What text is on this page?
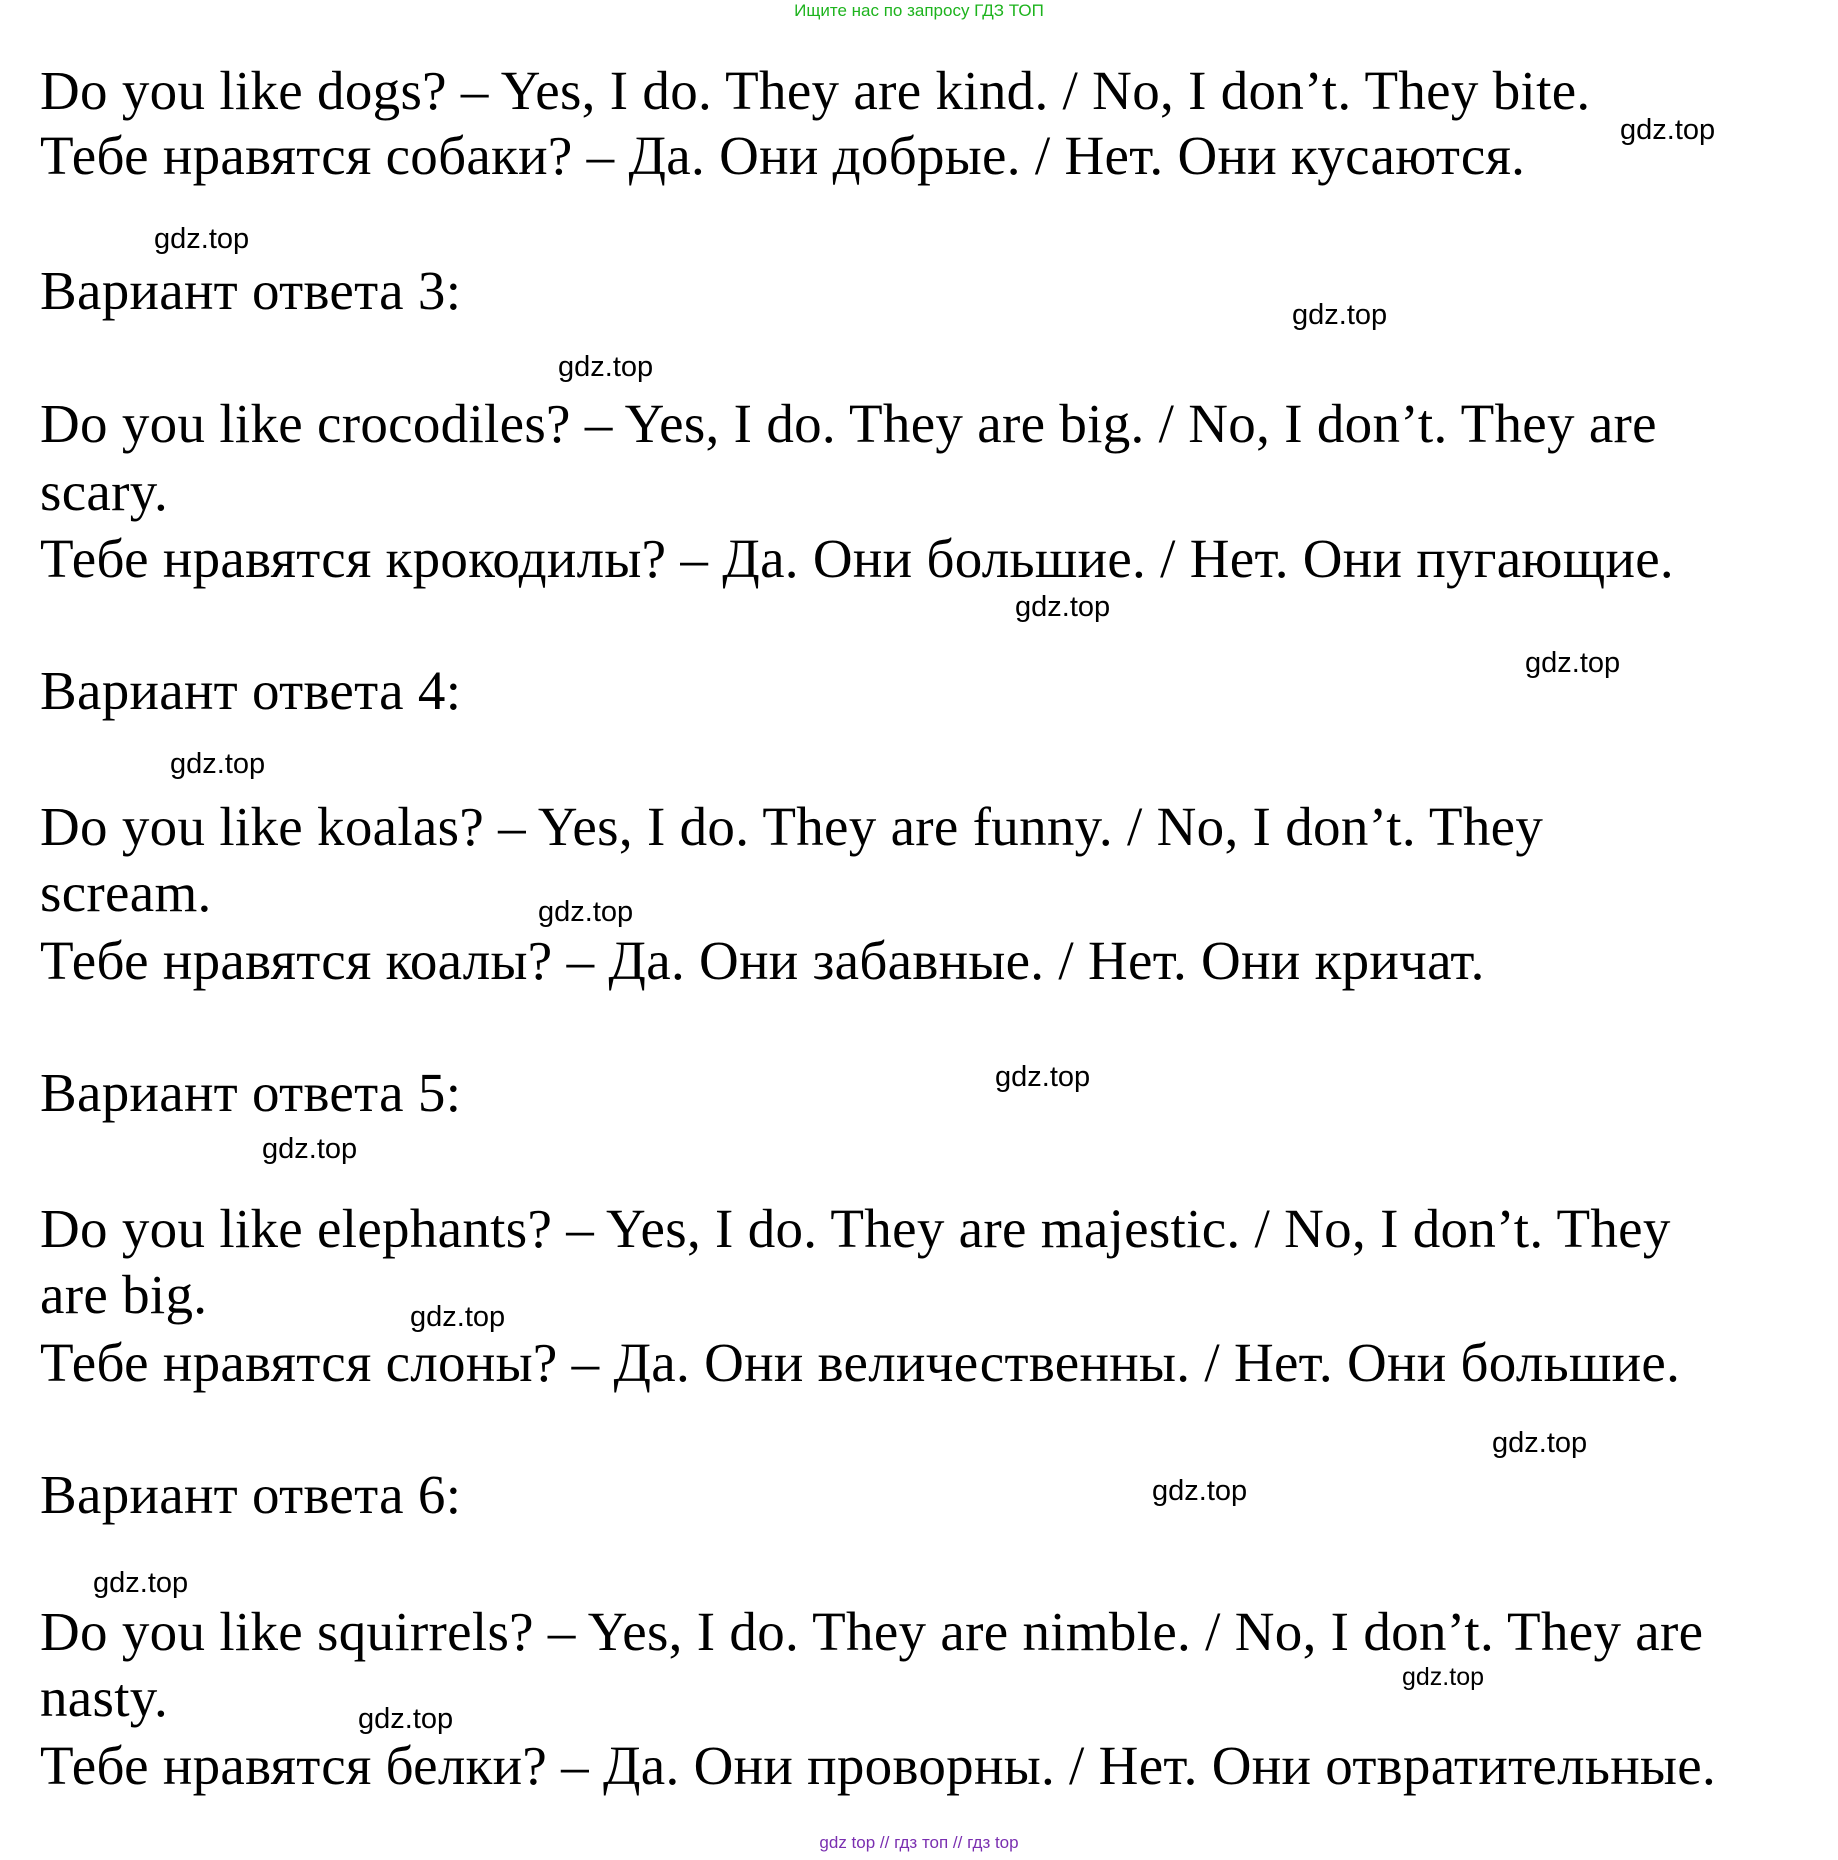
Ищите нас по запросу ГДЗ ТОП
Do you like dogs? – Yes, I do. They are kind. / No, I don’t. They bite.
Тебе нравятся собаки? – Да. Они добрые. / Нет. Они кусаются.
Вариант ответа 3:
Do you like crocodiles? – Yes, I do. They are big. / No, I don’t. They are
scary.
Тебе нравятся крокодилы? – Да. Они большие. / Нет. Они пугающие.
Вариант ответа 4:
Do you like koalas? – Yes, I do. They are funny. / No, I don’t. They
scream.
Тебе нравятся коалы? – Да. Они забавные. / Нет. Они кричат.
Вариант ответа 5:
Do you like elephants? – Yes, I do. They are majestic. / No, I don’t. They
are big.
Тебе нравятся слоны? – Да. Они величественны. / Нет. Они большие.
Вариант ответа 6:
Do you like squirrels? – Yes, I do. They are nimble. / No, I don’t. They are
nasty.
Тебе нравятся белки? – Да. Они проворны. / Нет. Они отвратительные.
gdz.top
gdz.top
gdz.top
gdz.top
gdz.top
gdz.top
gdz.top
gdz.top
gdz.top
gdz.top
gdz.top
gdz.top
gdz.top
gdz.top
gdz.top
gdz.top
gdz top // гдз топ // гдз top
